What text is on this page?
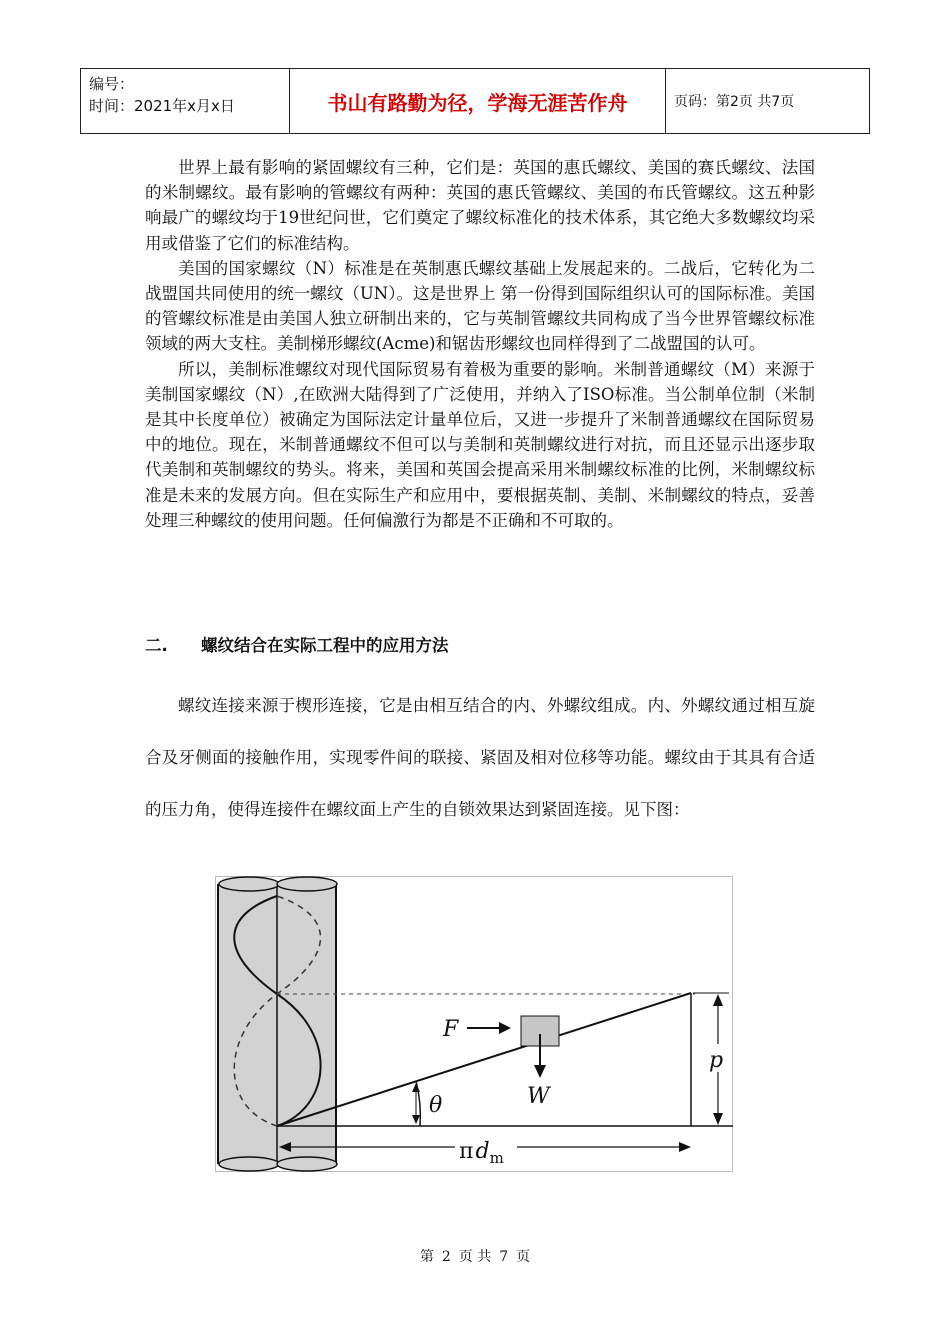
编号：
时间：2021年x月x日	书山有路勤为径，学海无涯苦作舟	页码：第2页 共7页

世界上最有影响的紧固螺纹有三种，它们是：英国的惠氏螺纹、美国的赛氏螺纹、法国的米制螺纹。最有影响的管螺纹有两种：英国的惠氏管螺纹、美国的布氏管螺纹。这五种影响最广的螺纹均于19世纪问世，它们奠定了螺纹标准化的技术体系，其它绝大多数螺纹均采用或借鉴了它们的标准结构。

美国的国家螺纹（N）标准是在英制惠氏螺纹基础上发展起来的。二战后，它转化为二战盟国共同使用的统一螺纹（UN）。这是世界上 第一份得到国际组织认可的国际标准。美国的管螺纹标准是由美国人独立研制出来的，它与英制管螺纹共同构成了当今世界管螺纹标准领域的两大支柱。美制梯形螺纹(Acme)和锯齿形螺纹也同样得到了二战盟国的认可。

所以，美制标准螺纹对现代国际贸易有着极为重要的影响。米制普通螺纹（M）来源于美制国家螺纹（N）,在欧洲大陆得到了广泛使用，并纳入了ISO标准。当公制单位制（米制是其中长度单位）被确定为国际法定计量单位后，又进一步提升了米制普通螺纹在国际贸易中的地位。现在，米制普通螺纹不但可以与美制和英制螺纹进行对抗，而且还显示出逐步取代美制和英制螺纹的势头。将来，美国和英国会提高采用米制螺纹标准的比例，米制螺纹标准是未来的发展方向。但在实际生产和应用中，要根据英制、美制、米制螺纹的特点，妥善处理三种螺纹的使用问题。任何偏激行为都是不正确和不可取的。

二. 螺纹结合在实际工程中的应用方法

螺纹连接来源于楔形连接，它是由相互结合的内、外螺纹组成。内、外螺纹通过相互旋合及牙侧面的接触作用，实现零件间的联接、紧固及相对位移等功能。螺纹由于其具有合适的压力角，使得连接件在螺纹面上产生的自锁效果达到紧固连接。见下图：

F
W
θ
p
$\pi d_m$
第 2 页 共 7 页
